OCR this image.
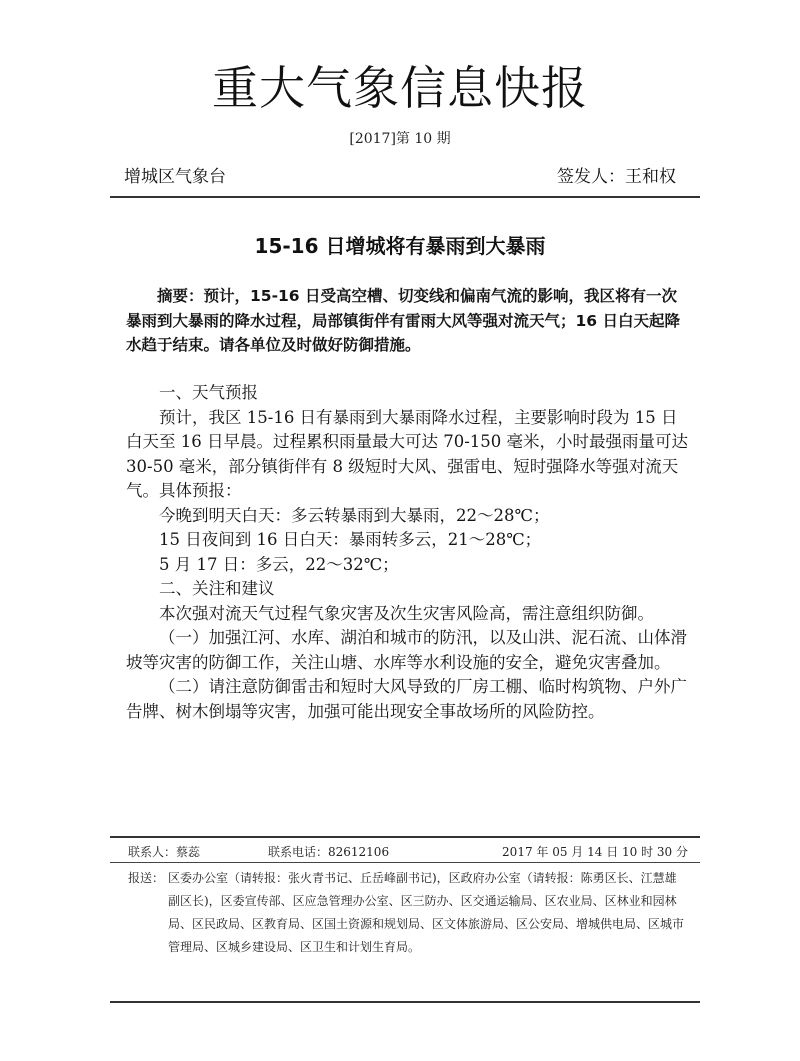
重大气象信息快报
[2017]第 10 期
增城区气象台	签发人：王和权
15-16 日增城将有暴雨到大暴雨

摘要：预计，15-16 日受高空槽、切变线和偏南气流的影响，我区将有一次暴雨到大暴雨的降水过程，局部镇街伴有雷雨大风等强对流天气；16 日白天起降水趋于结束。请各单位及时做好防御措施。

一、天气预报

预计，我区 15-16 日有暴雨到大暴雨降水过程，主要影响时段为 15 日白天至 16 日早晨。过程累积雨量最大可达 70-150 毫米，小时最强雨量可达 30-50 毫米，部分镇街伴有 8 级短时大风、强雷电、短时强降水等强对流天气。具体预报：

今晚到明天白天：多云转暴雨到大暴雨，22～28℃；

15 日夜间到 16 日白天：暴雨转多云，21～28℃；

5 月 17 日：多云，22～32℃；

二、关注和建议

本次强对流天气过程气象灾害及次生灾害风险高，需注意组织防御。

（一）加强江河、水库、湖泊和城市的防汛，以及山洪、泥石流、山体滑坡等灾害的防御工作，关注山塘、水库等水利设施的安全，避免灾害叠加。

（二）请注意防御雷击和短时大风导致的厂房工棚、临时构筑物、户外广告牌、树木倒塌等灾害，加强可能出现安全事故场所的风险防控。

联系人：蔡蕊	联系电话：82612106	2017 年 05 月 14 日 10 时 30 分
报送： 区委办公室（请转报：张火青书记、丘岳峰副书记)，区政府办公室（请转报：陈勇区长、江慧雄副区长)，区委宣传部、区应急管理办公室、区三防办、区交通运输局、区农业局、区林业和园林局、区民政局、区教育局、区国土资源和规划局、区文体旅游局、区公安局、增城供电局、区城市管理局、区城乡建设局、区卫生和计划生育局。
